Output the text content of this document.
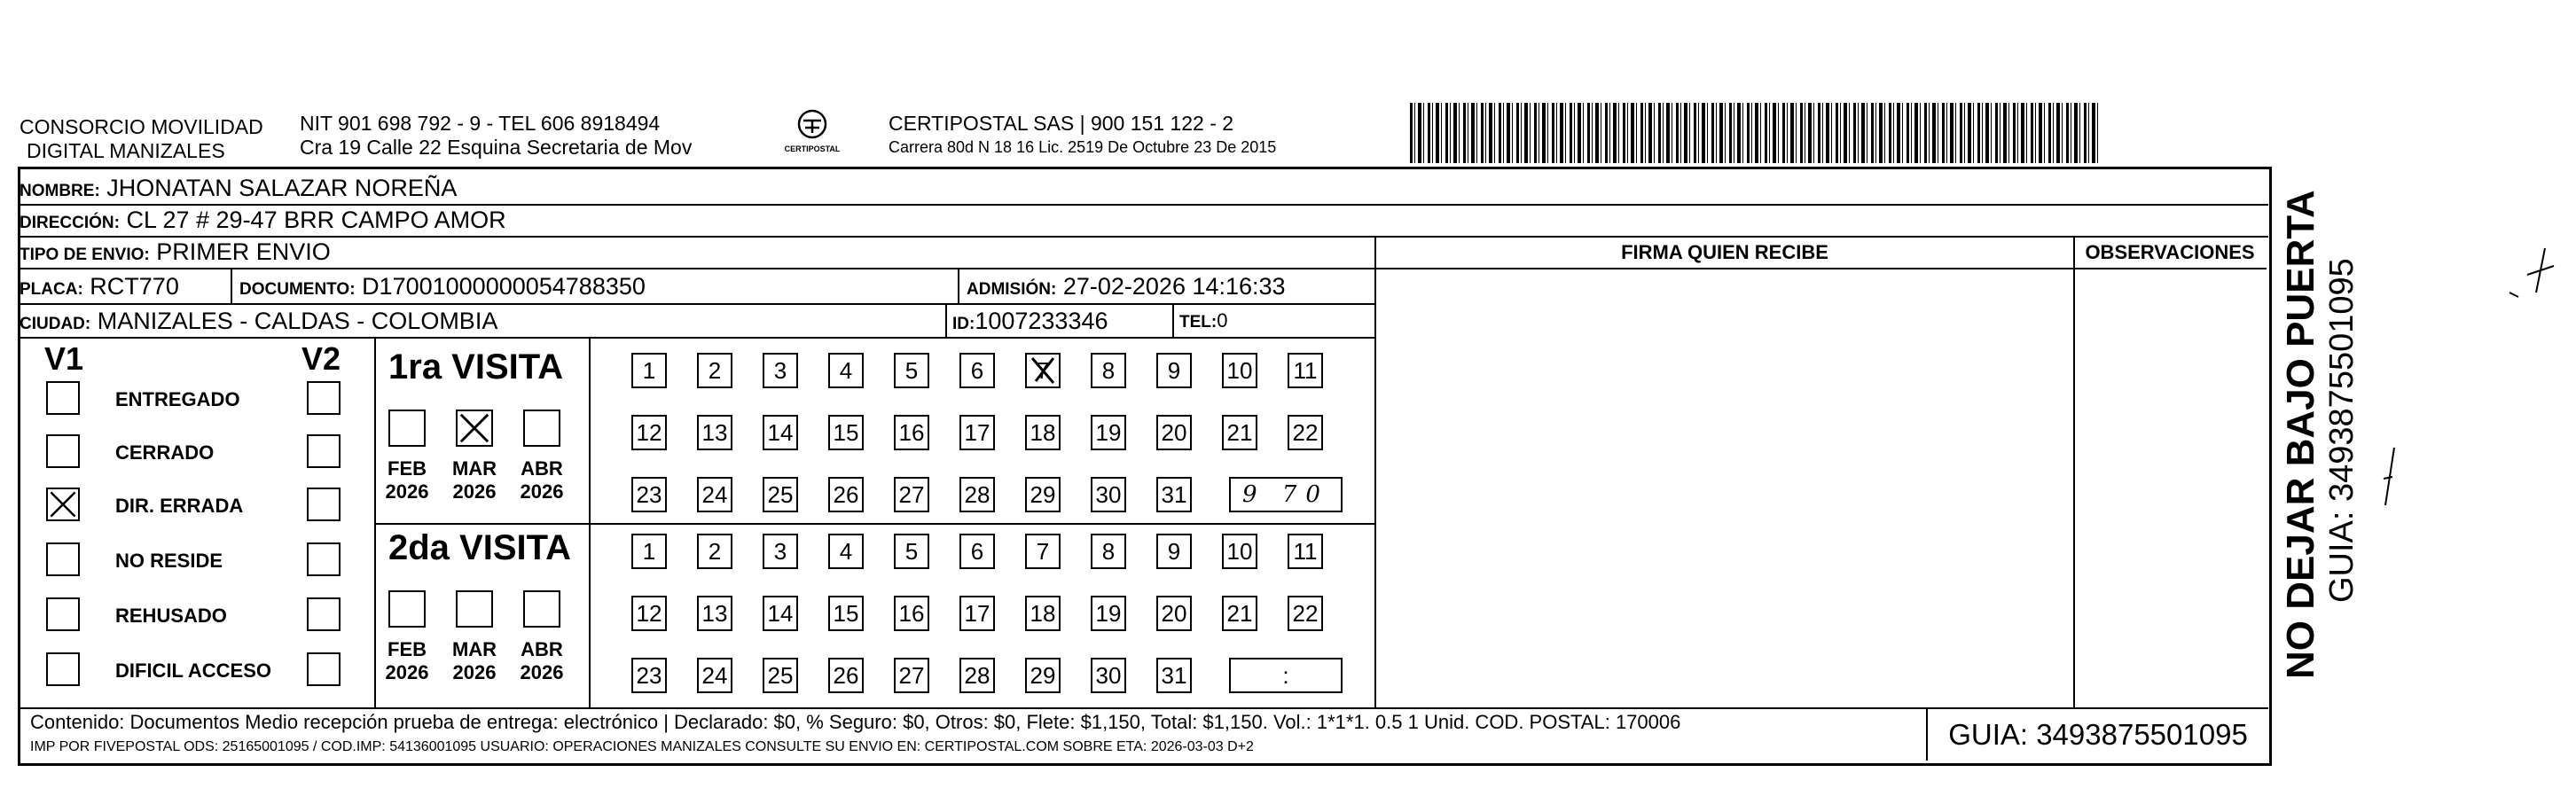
CONSORCIO MOVILIDAD
DIGITAL MANIZALES
NIT 901 698 792 - 9 - TEL 606 8918494
Cra 19 Calle 22 Esquina Secretaria de Mov	CERTIPOSTAL
CERTIPOSTAL SAS | 900 151 122 - 2
Carrera 80d N 18 16 Lic. 2519 De Octubre 23 De 2015
NOMBRE: JHONATAN SALAZAR NOREÑA
DIRECCIÓN: CL 27 # 29-47 BRR CAMPO AMOR
TIPO DE ENVIO: PRIMER ENVIO	FIRMA QUIEN RECIBE	OBSERVACIONES
PLACA: RCT770	DOCUMENTO: D17001000000054788350	ADMISIÓN: 27-02-2026 14:16:33
CIUDAD: MANIZALES - CALDAS - COLOMBIA	ID:1007233346	TEL:0
V1	V2
ENTREGADO
CERRADO
DIR. ERRADA
NO RESIDE
REHUSADO
DIFICIL ACCESO
1ra VISITA
2da VISITA
FEB
2026
MAR
2026
ABR
2026
1	2	3	4	5	6	7	8	9	10 11
12 13 14 15 16 17 18 19 20 21 22
23 24 25 26 27 28 29 30 31	9 70
FEB
2026
MAR
2026
ABR
2026
1	2	3	4	5	6	7	8	9	10 11
12 13 14 15 16 17 18 19 20 21 22
23 24 25 26 27 28 29 30 31	:
Contenido: Documentos Medio recepción prueba de entrega: electrónico | Declarado: $0, % Seguro: $0, Otros: $0, Flete: $1,150, Total: $1,150. Vol.: 1*1*1. 0.5 1 Unid. COD. POSTAL: 170006
IMP POR FIVEPOSTAL ODS: 25165001095 / COD.IMP: 54136001095 USUARIO: OPERACIONES MANIZALES CONSULTE SU ENVIO EN: CERTIPOSTAL.COM SOBRE ETA: 2026-03-03 D+2	GUIA: 3493875501095
NO DEJAR BAJO PUERTA GUIA: 3493875501095
